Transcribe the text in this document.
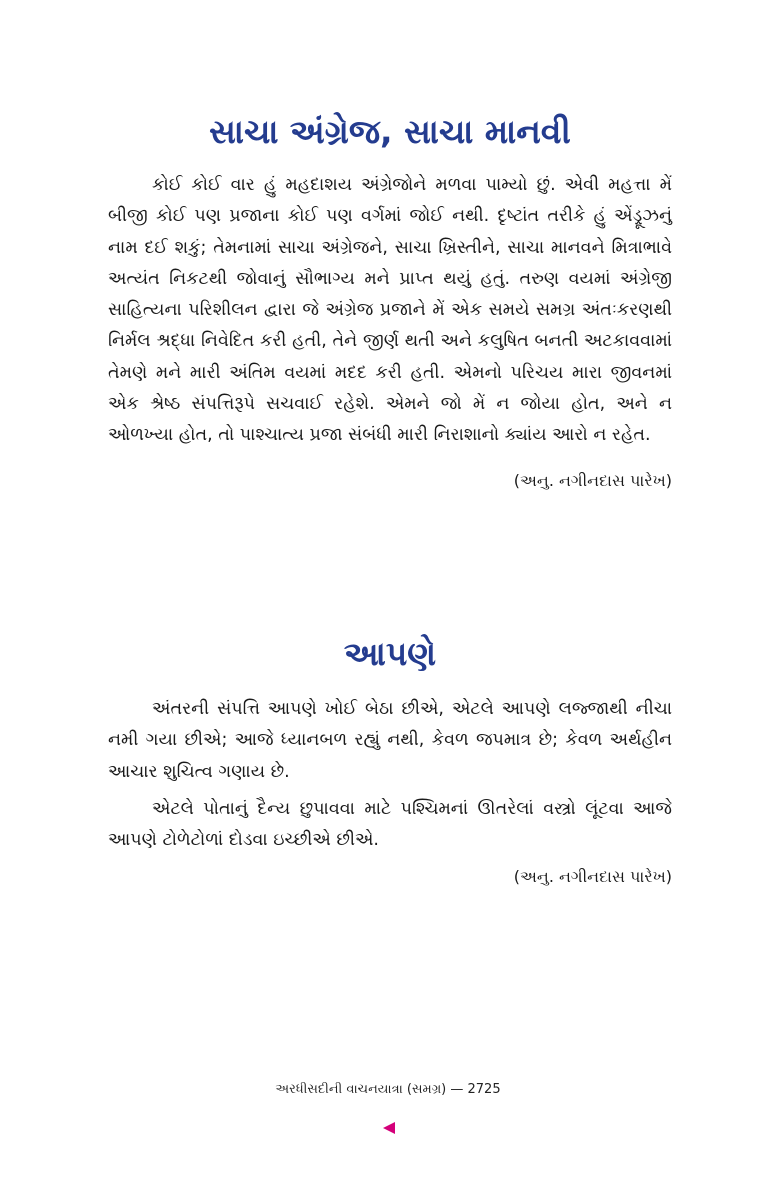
સાચા અંગ્રેજ, સાચા માનવી

કોઈ કોઈ વાર હું મહદાશય અંગ્રેજોને મળવા પામ્યો છું. એવી મહત્તા મેં બીજી કોઈ પણ પ્રજાના કોઈ પણ વર્ગમાં જોઈ નથી. દૃષ્ટાંત તરીકે હું એંડ્રૂઝનું નામ દઈ શકું; તેમનામાં સાચા અંગ્રેજને, સાચા ખ્રિસ્તીને, સાચા માનવને મિત્રાભાવે અત્યંત નિકટથી જોવાનું સૌભાગ્ય મને પ્રાપ્ત થયું હતું. તરુણ વયમાં અંગ્રેજી સાહિત્યના પરિશીલન દ્વારા જે અંગ્રેજ પ્રજાને મેં એક સમયે સમગ્ર અંતઃકરણથી નિર્મલ શ્રદ્ધા નિવેદિત કરી હતી, તેને જીર્ણ થતી અને કલુષિત બનતી અટકાવવામાં તેમણે મને મારી અંતિમ વયમાં મદદ કરી હતી. એમનો પરિચય મારા જીવનમાં એક શ્રેષ્ઠ સંપત્તિરૂપે સચવાઈ રહેશે. એમને જો મેં ન જોયા હોત, અને ન ઓળખ્યા હોત, તો પાશ્ચાત્ય પ્રજા સંબંધી મારી નિરાશાનો ક્યાંય આરો ન રહેત.

(અનુ. નગીનદાસ પારેખ)

આપણે

અંતરની સંપત્તિ આપણે ખોઈ બેઠા છીએ, એટલે આપણે લજ્જાથી નીચા નમી ગયા છીએ; આજે ધ્યાનબળ રહ્યું નથી, કેવળ જપમાત્ર છે; કેવળ અર્થહીન આચાર શુચિત્વ ગણાય છે.

એટલે પોતાનું દૈન્ય છુપાવવા માટે પશ્ચિમનાં ઊતરેલાં વસ્ત્રો લૂંટવા આજે આપણે ટોળેટોળાં દોડવા ઇચ્છીએ છીએ.

(અનુ. નગીનદાસ પારેખ)

અરધીસદીની વાચનયાત્રા (સમગ્ર) — 2725
